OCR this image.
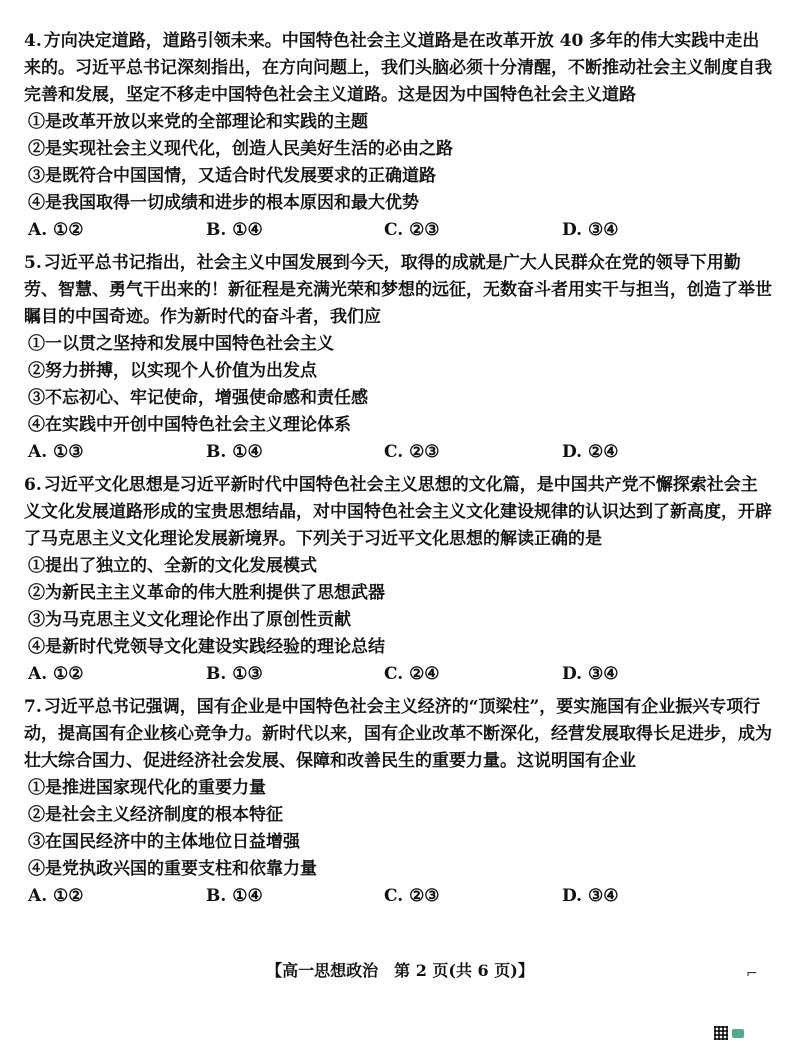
4. 方向决定道路，道路引领未来。中国特色社会主义道路是在改革开放 40 多年的伟大实践中走出来的。习近平总书记深刻指出，在方向问题上，我们头脑必须十分清醒，不断推动社会主义制度自我完善和发展，坚定不移走中国特色社会主义道路。这是因为中国特色社会主义道路

①是改革开放以来党的全部理论和实践的主题

②是实现社会主义现代化，创造人民美好生活的必由之路

③是既符合中国国情，又适合时代发展要求的正确道路

④是我国取得一切成绩和进步的根本原因和最大优势

A. ①②	B. ①④	C. ②③	D. ③④

5. 习近平总书记指出，社会主义中国发展到今天，取得的成就是广大人民群众在党的领导下用勤劳、智慧、勇气干出来的！新征程是充满光荣和梦想的远征，无数奋斗者用实干与担当，创造了举世瞩目的中国奇迹。作为新时代的奋斗者，我们应

①一以贯之坚持和发展中国特色社会主义

②努力拼搏，以实现个人价值为出发点

③不忘初心、牢记使命，增强使命感和责任感

④在实践中开创中国特色社会主义理论体系

A. ①③	B. ①④	C. ②③	D. ②④

6. 习近平文化思想是习近平新时代中国特色社会主义思想的文化篇，是中国共产党不懈探索社会主义文化发展道路形成的宝贵思想结晶，对中国特色社会主义文化建设规律的认识达到了新高度，开辟了马克思主义文化理论发展新境界。下列关于习近平文化思想的解读正确的是

①提出了独立的、全新的文化发展模式

②为新民主主义革命的伟大胜利提供了思想武器

③为马克思主义文化理论作出了原创性贡献

④是新时代党领导文化建设实践经验的理论总结

A. ①②	B. ①③	C. ②④	D. ③④

7. 习近平总书记强调，国有企业是中国特色社会主义经济的“顶梁柱”，要实施国有企业振兴专项行动，提高国有企业核心竞争力。新时代以来，国有企业改革不断深化，经营发展取得长足进步，成为壮大综合国力、促进经济社会发展、保障和改善民生的重要力量。这说明国有企业

①是推进国家现代化的重要力量

②是社会主义经济制度的根本特征

③在国民经济中的主体地位日益增强

④是党执政兴国的重要支柱和依靠力量

A. ①②	B. ①④	C. ②③	D. ③④
【高一思想政治　第 2 页(共 6 页)】	⌐
